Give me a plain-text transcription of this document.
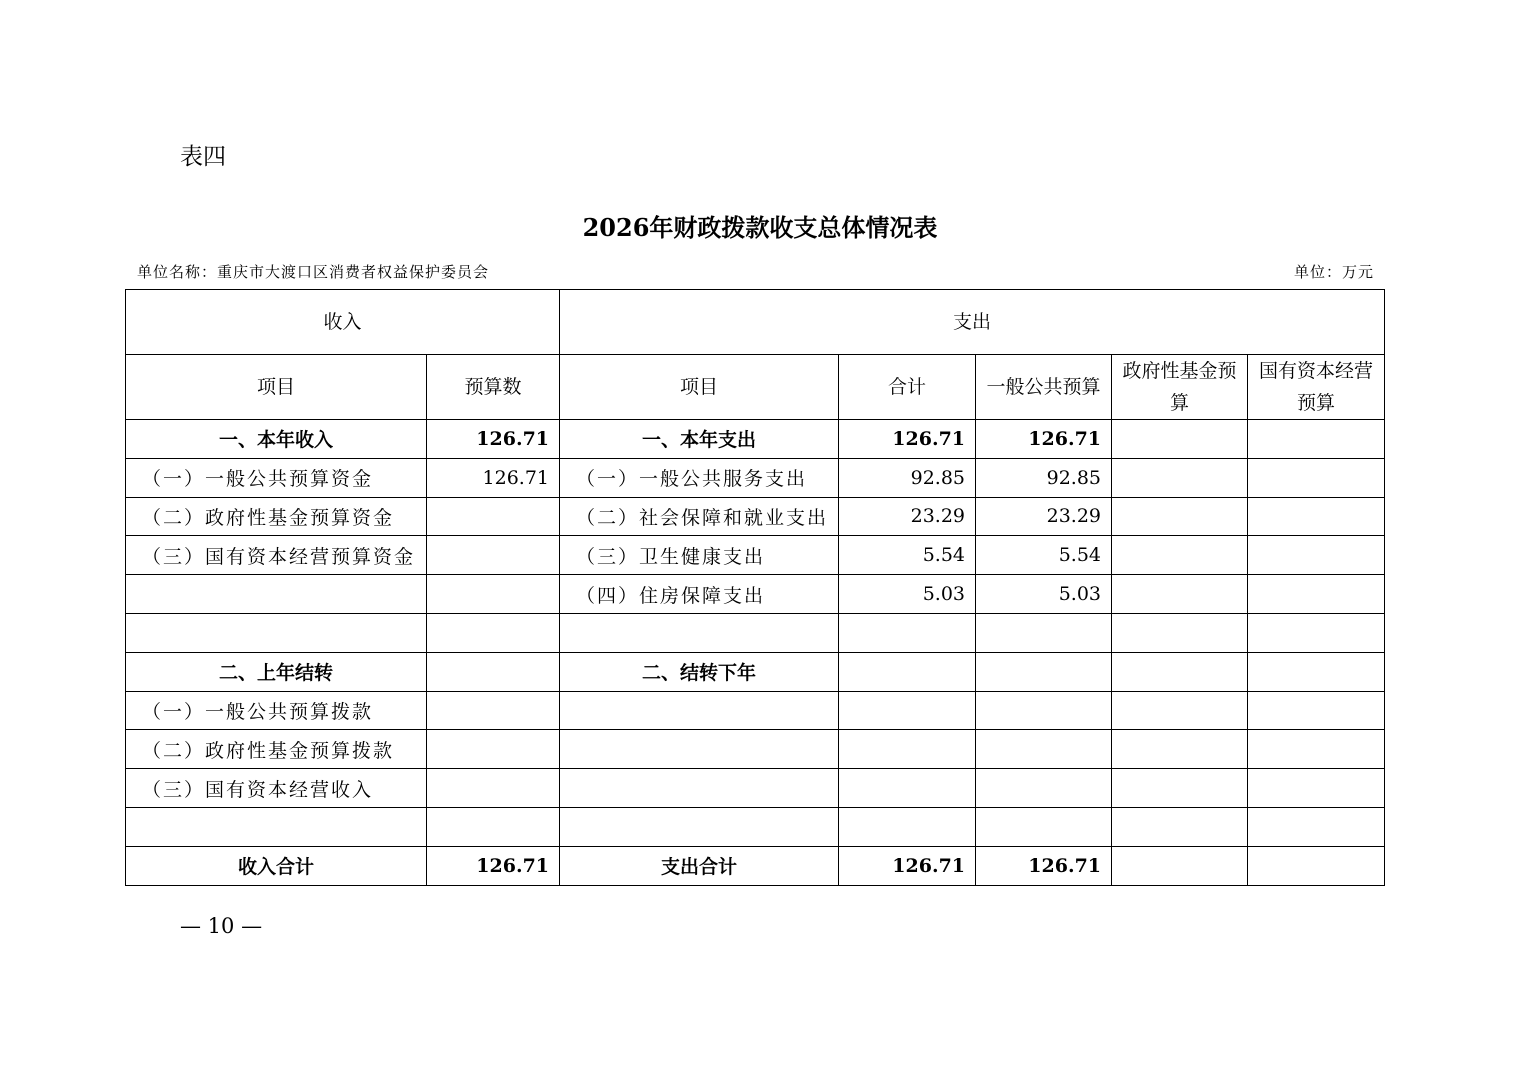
表四
2026年财政拨款收支总体情况表
单位名称：重庆市大渡口区消费者权益保护委员会	单位：万元
收入		支出				
项目	预算数	项目	合计	一般公共预算	政府性基金预算	国有资本经营预算
一、本年收入	126.71	一、本年支出	126.71	126.71		
（一）一般公共预算资金	126.71	（一）一般公共服务支出	92.85	92.85		
（二）政府性基金预算资金		（二）社会保障和就业支出	23.29	23.29		
（三）国有资本经营预算资金		（三）卫生健康支出	5.54	5.54		
		（四）住房保障支出	5.03	5.03		

二、上年结转		二、结转下年				
（一）一般公共预算拨款						
（二）政府性基金预算拨款						
（三）国有资本经营收入						

收入合计	126.71	支出合计	126.71	126.71		
— 10 —
